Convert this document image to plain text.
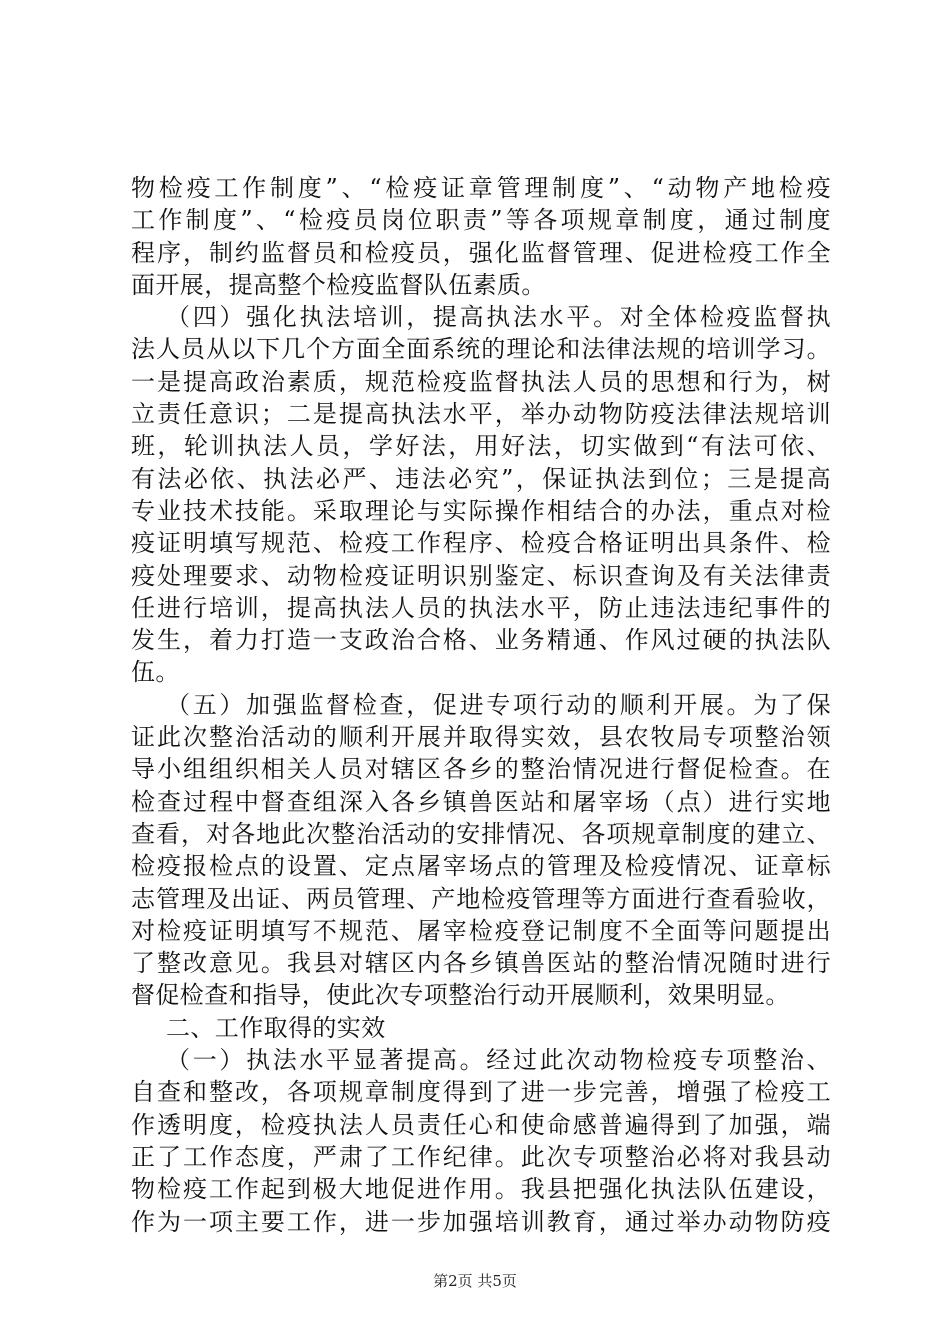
物检疫工作制度”、“检疫证章管理制度”、“动物产地检疫
工作制度”、“检疫员岗位职责”等各项规章制度，通过制度
程序，制约监督员和检疫员，强化监督管理、促进检疫工作全
面开展，提高整个检疫监督队伍素质。
（四）强化执法培训，提高执法水平。对全体检疫监督执
法人员从以下几个方面全面系统的理论和法律法规的培训学习。
一是提高政治素质，规范检疫监督执法人员的思想和行为，树
立责任意识；二是提高执法水平，举办动物防疫法律法规培训
班，轮训执法人员，学好法，用好法，切实做到“有法可依、
有法必依、执法必严、违法必究”，保证执法到位；三是提高
专业技术技能。采取理论与实际操作相结合的办法，重点对检
疫证明填写规范、检疫工作程序、检疫合格证明出具条件、检
疫处理要求、动物检疫证明识别鉴定、标识查询及有关法律责
任进行培训，提高执法人员的执法水平，防止违法违纪事件的
发生，着力打造一支政治合格、业务精通、作风过硬的执法队
伍。
（五）加强监督检查，促进专项行动的顺利开展。为了保
证此次整治活动的顺利开展并取得实效，县农牧局专项整治领
导小组组织相关人员对辖区各乡的整治情况进行督促检查。在
检查过程中督查组深入各乡镇兽医站和屠宰场（点）进行实地
查看，对各地此次整治活动的安排情况、各项规章制度的建立、
检疫报检点的设置、定点屠宰场点的管理及检疫情况、证章标
志管理及出证、两员管理、产地检疫管理等方面进行查看验收，
对检疫证明填写不规范、屠宰检疫登记制度不全面等问题提出
了整改意见。我县对辖区内各乡镇兽医站的整治情况随时进行
督促检查和指导，使此次专项整治行动开展顺利，效果明显。
二、工作取得的实效
（一）执法水平显著提高。经过此次动物检疫专项整治、
自查和整改，各项规章制度得到了进一步完善，增强了检疫工
作透明度，检疫执法人员责任心和使命感普遍得到了加强，端
正了工作态度，严肃了工作纪律。此次专项整治必将对我县动
物检疫工作起到极大地促进作用。我县把强化执法队伍建设，
作为一项主要工作，进一步加强培训教育，通过举办动物防疫
第2页 共5页
